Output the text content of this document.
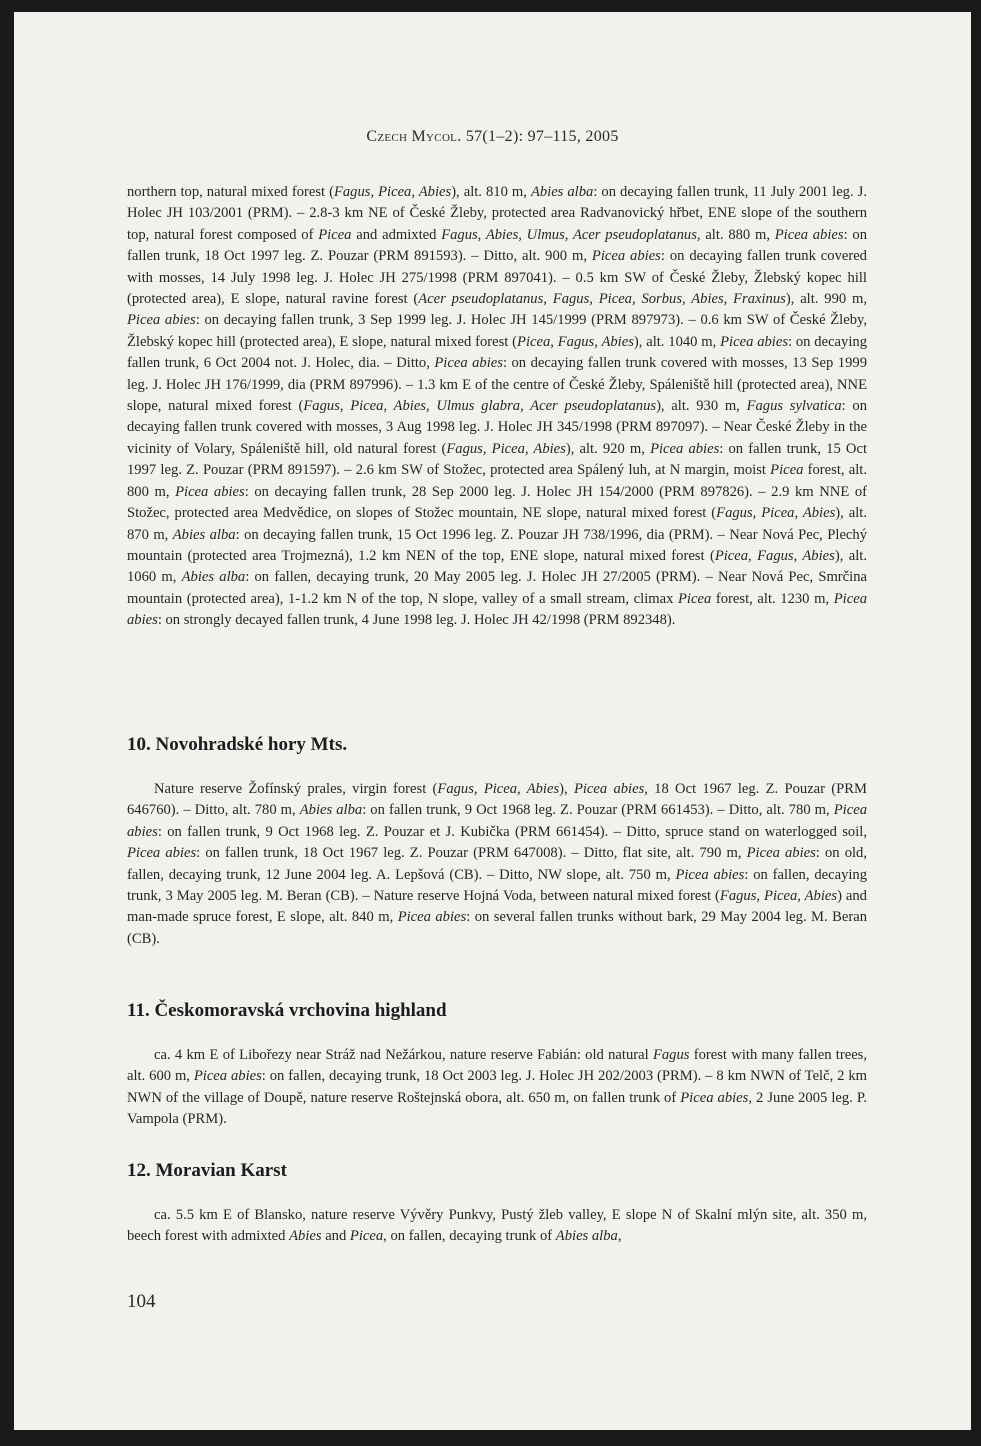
Czech Mycol. 57(1–2): 97–115, 2005

northern top, natural mixed forest (Fagus, Picea, Abies), alt. 810 m, Abies alba: on decaying fallen trunk, 11 July 2001 leg. J. Holec JH 103/2001 (PRM). – 2.8-3 km NE of České Žleby, protected area Radvanovický hřbet, ENE slope of the southern top, natural forest composed of Picea and admixted Fagus, Abies, Ulmus, Acer pseudoplatanus, alt. 880 m, Picea abies: on fallen trunk, 18 Oct 1997 leg. Z. Pouzar (PRM 891593). – Ditto, alt. 900 m, Picea abies: on decaying fallen trunk covered with mosses, 14 July 1998 leg. J. Holec JH 275/1998 (PRM 897041). – 0.5 km SW of České Žleby, Žlebský kopec hill (protected area), E slope, natural ravine forest (Acer pseudoplatanus, Fagus, Picea, Sorbus, Abies, Fraxinus), alt. 990 m, Picea abies: on decaying fallen trunk, 3 Sep 1999 leg. J. Holec JH 145/1999 (PRM 897973). – 0.6 km SW of České Žleby, Žlebský kopec hill (protected area), E slope, natural mixed forest (Picea, Fagus, Abies), alt. 1040 m, Picea abies: on decaying fallen trunk, 6 Oct 2004 not. J. Holec, dia. – Ditto, Picea abies: on decaying fallen trunk covered with mosses, 13 Sep 1999 leg. J. Holec JH 176/1999, dia (PRM 897996). – 1.3 km E of the centre of České Žleby, Spáleniště hill (protected area), NNE slope, natural mixed forest (Fagus, Picea, Abies, Ulmus glabra, Acer pseudoplatanus), alt. 930 m, Fagus sylvatica: on decaying fallen trunk covered with mosses, 3 Aug 1998 leg. J. Holec JH 345/1998 (PRM 897097). – Near České Žleby in the vicinity of Volary, Spáleniště hill, old natural forest (Fagus, Picea, Abies), alt. 920 m, Picea abies: on fallen trunk, 15 Oct 1997 leg. Z. Pouzar (PRM 891597). – 2.6 km SW of Stožec, protected area Spálený luh, at N margin, moist Picea forest, alt. 800 m, Picea abies: on decaying fallen trunk, 28 Sep 2000 leg. J. Holec JH 154/2000 (PRM 897826). – 2.9 km NNE of Stožec, protected area Medvědice, on slopes of Stožec mountain, NE slope, natural mixed forest (Fagus, Picea, Abies), alt. 870 m, Abies alba: on decaying fallen trunk, 15 Oct 1996 leg. Z. Pouzar JH 738/1996, dia (PRM). – Near Nová Pec, Plechý mountain (protected area Trojmezná), 1.2 km NEN of the top, ENE slope, natural mixed forest (Picea, Fagus, Abies), alt. 1060 m, Abies alba: on fallen, decaying trunk, 20 May 2005 leg. J. Holec JH 27/2005 (PRM). – Near Nová Pec, Smrčina mountain (protected area), 1-1.2 km N of the top, N slope, valley of a small stream, climax Picea forest, alt. 1230 m, Picea abies: on strongly decayed fallen trunk, 4 June 1998 leg. J. Holec JH 42/1998 (PRM 892348).

10. Novohradské hory Mts.

Nature reserve Žofínský prales, virgin forest (Fagus, Picea, Abies), Picea abies, 18 Oct 1967 leg. Z. Pouzar (PRM 646760). – Ditto, alt. 780 m, Abies alba: on fallen trunk, 9 Oct 1968 leg. Z. Pouzar (PRM 661453). – Ditto, alt. 780 m, Picea abies: on fallen trunk, 9 Oct 1968 leg. Z. Pouzar et J. Kubička (PRM 661454). – Ditto, spruce stand on waterlogged soil, Picea abies: on fallen trunk, 18 Oct 1967 leg. Z. Pouzar (PRM 647008). – Ditto, flat site, alt. 790 m, Picea abies: on old, fallen, decaying trunk, 12 June 2004 leg. A. Lepšová (CB). – Ditto, NW slope, alt. 750 m, Picea abies: on fallen, decaying trunk, 3 May 2005 leg. M. Beran (CB). – Nature reserve Hojná Voda, between natural mixed forest (Fagus, Picea, Abies) and man-made spruce forest, E slope, alt. 840 m, Picea abies: on several fallen trunks without bark, 29 May 2004 leg. M. Beran (CB).

11. Českomoravská vrchovina highland

ca. 4 km E of Libořezy near Stráž nad Nežárkou, nature reserve Fabián: old natural Fagus forest with many fallen trees, alt. 600 m, Picea abies: on fallen, decaying trunk, 18 Oct 2003 leg. J. Holec JH 202/2003 (PRM). – 8 km NWN of Telč, 2 km NWN of the village of Doupě, nature reserve Roštejnská obora, alt. 650 m, on fallen trunk of Picea abies, 2 June 2005 leg. P. Vampola (PRM).

12. Moravian Karst

ca. 5.5 km E of Blansko, nature reserve Vývěry Punkvy, Pustý žleb valley, E slope N of Skalní mlýn site, alt. 350 m, beech forest with admixted Abies and Picea, on fallen, decaying trunk of Abies alba,

104
